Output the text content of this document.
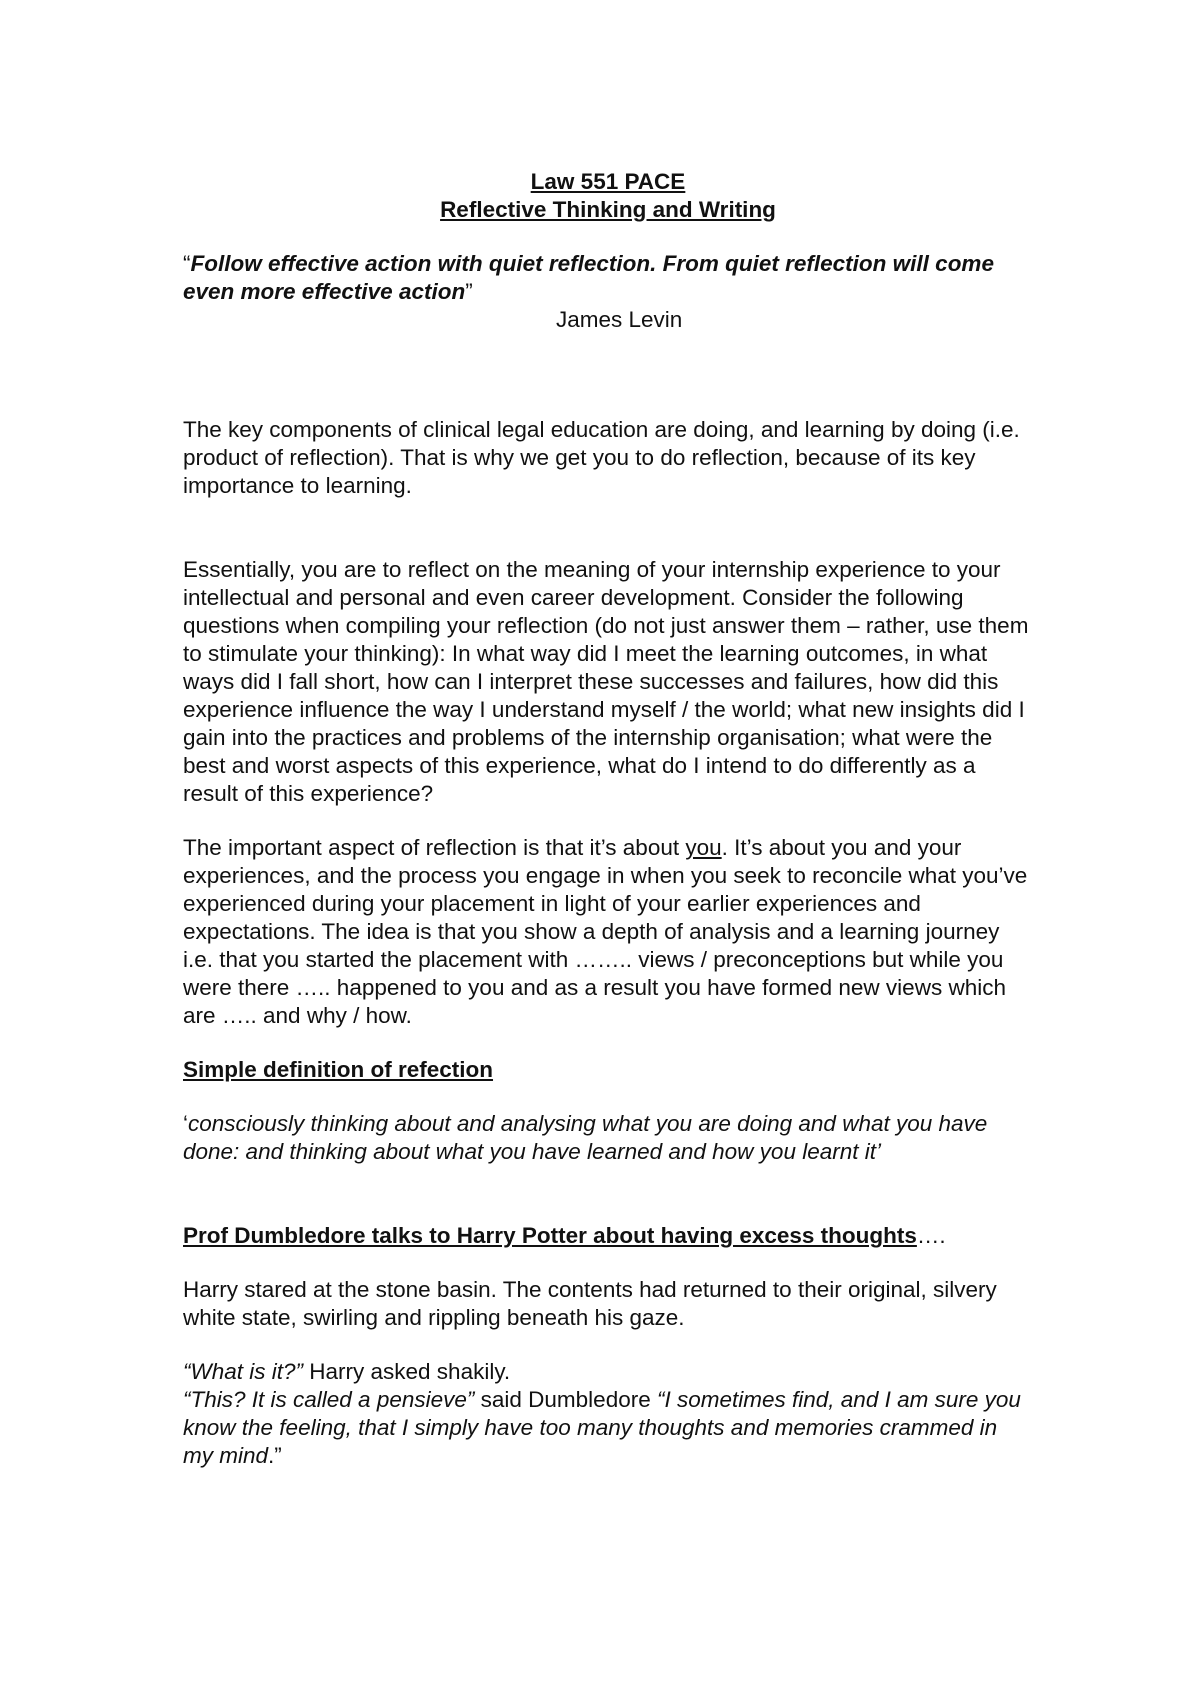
Law 551 PACE

Reflective Thinking and Writing

“Follow effective action with quiet reflection. From quiet reflection will come even more effective action”

James Levin

The key components of clinical legal education are doing, and learning by doing (i.e. product of reflection). That is why we get you to do reflection, because of its key importance to learning.

Essentially, you are to reflect on the meaning of your internship experience to your intellectual and personal and even career development. Consider the following questions when compiling your reflection (do not just answer them – rather, use them to stimulate your thinking): In what way did I meet the learning outcomes, in what ways did I fall short, how can I interpret these successes and failures, how did this experience influence the way I understand myself / the world; what new insights did I gain into the practices and problems of the internship organisation; what were the best and worst aspects of this experience, what do I intend to do differently as a result of this experience?

The important aspect of reflection is that it’s about you. It’s about you and your experiences, and the process you engage in when you seek to reconcile what you’ve experienced during your placement in light of your earlier experiences and expectations. The idea is that you show a depth of analysis and a learning journey i.e. that you started the placement with …….. views / preconceptions but while you were there ….. happened to you and as a result you have formed new views which are ….. and why / how.

Simple definition of refection

‘consciously thinking about and analysing what you are doing and what you have done: and thinking about what you have learned and how you learnt it’

Prof Dumbledore talks to Harry Potter about having excess thoughts….

Harry stared at the stone basin. The contents had returned to their original, silvery white state, swirling and rippling beneath his gaze.

“What is it?” Harry asked shakily.

“This? It is called a pensieve” said Dumbledore “I sometimes find, and I am sure you know the feeling, that I simply have too many thoughts and memories crammed in my mind.”
